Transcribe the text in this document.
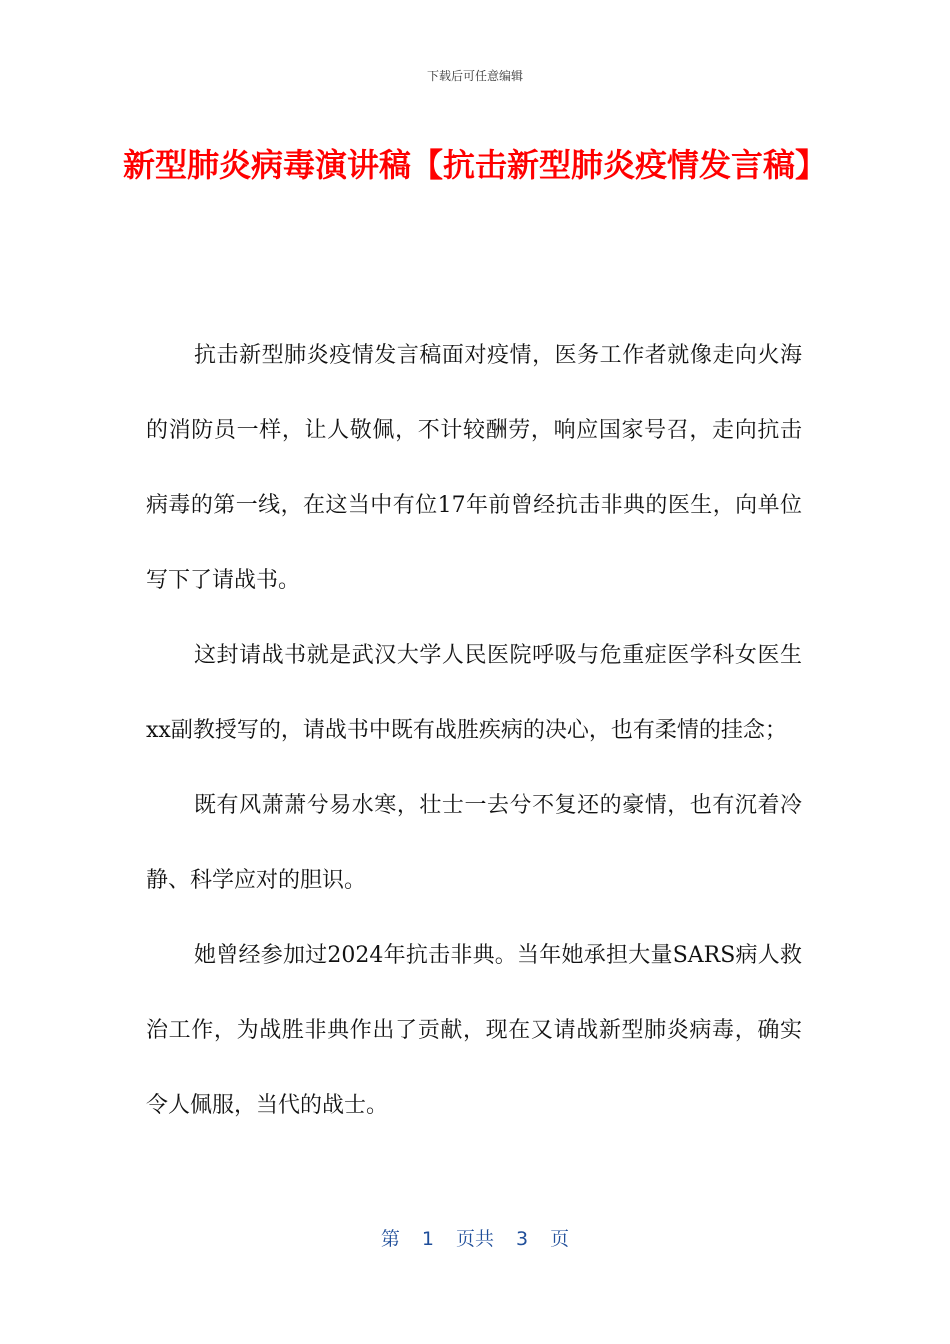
下载后可任意编辑
新型肺炎病毒演讲稿【抗击新型肺炎疫情发言稿】

抗击新型肺炎疫情发言稿面对疫情，医务工作者就像走向火海的消防员一样，让人敬佩，不计较酬劳，响应国家号召，走向抗击病毒的第一线，在这当中有位17年前曾经抗击非典的医生，向单位写下了请战书。

这封请战书就是武汉大学人民医院呼吸与危重症医学科女医生xx副教授写的，请战书中既有战胜疾病的决心，也有柔情的挂念；

既有风萧萧兮易水寒，壮士一去兮不复还的豪情，也有沉着冷静、科学应对的胆识。

她曾经参加过2024年抗击非典。当年她承担大量SARS病人救治工作，为战胜非典作出了贡献，现在又请战新型肺炎病毒，确实令人佩服，当代的战士。

第 1 页共 3 页
